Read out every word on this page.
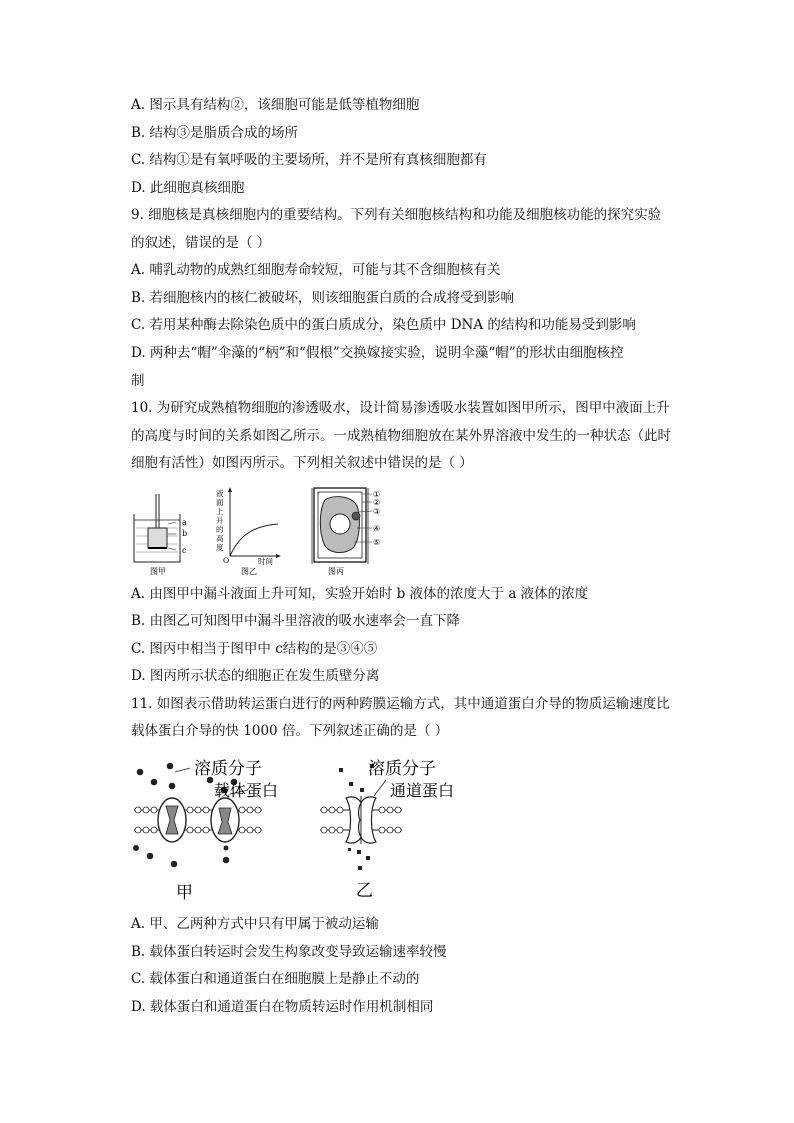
A. 图示具有结构②，该细胞可能是低等植物细胞
B. 结构③是脂质合成的场所
C. 结构①是有氧呼吸的主要场所，并不是所有真核细胞都有
D. 此细胞真核细胞
9. 细胞核是真核细胞内的重要结构。下列有关细胞核结构和功能及细胞核功能的探究实验
的叙述，错误的是（ ）
A. 哺乳动物的成熟红细胞寿命较短，可能与其不含细胞核有关
B. 若细胞核内的核仁被破坏，则该细胞蛋白质的合成将受到影响
C. 若用某种酶去除染色质中的蛋白质成分，染色质中 DNA 的结构和功能易受到影响
D. 两种去“帽”伞藻的“柄”和“假根”交换嫁接实验，说明伞藻“帽”的形状由细胞核控
制
10. 为研究成熟植物细胞的渗透吸水，设计简易渗透吸水装置如图甲所示，图甲中液面上升
的高度与时间的关系如图乙所示。一成熟植物细胞放在某外界溶液中发生的一种状态（此时
细胞有活性）如图丙所示。下列相关叙述中错误的是（ ）
a
b
c
图甲
液 面 上 升 的 高 度
O	时间
图乙
① ② ③ ④ ⑤
图丙
A. 由图甲中漏斗液面上升可知，实验开始时 b 液体的浓度大于 a 液体的浓度
B. 由图乙可知图甲中漏斗里溶液的吸水速率会一直下降
C. 图丙中相当于图甲中 c结构的是③④⑤
D. 图丙所示状态的细胞正在发生质壁分离
11. 如图表示借助转运蛋白进行的两种跨膜运输方式，其中通道蛋白介导的物质运输速度比
载体蛋白介导的快 1000 倍。下列叙述正确的是（ ）
溶质分子
载体蛋白
甲
溶质分子
通道蛋白
乙
A. 甲、乙两种方式中只有甲属于被动运输
B. 载体蛋白转运时会发生构象改变导致运输速率较慢
C. 载体蛋白和通道蛋白在细胞膜上是静止不动的
D. 载体蛋白和通道蛋白在物质转运时作用机制相同
